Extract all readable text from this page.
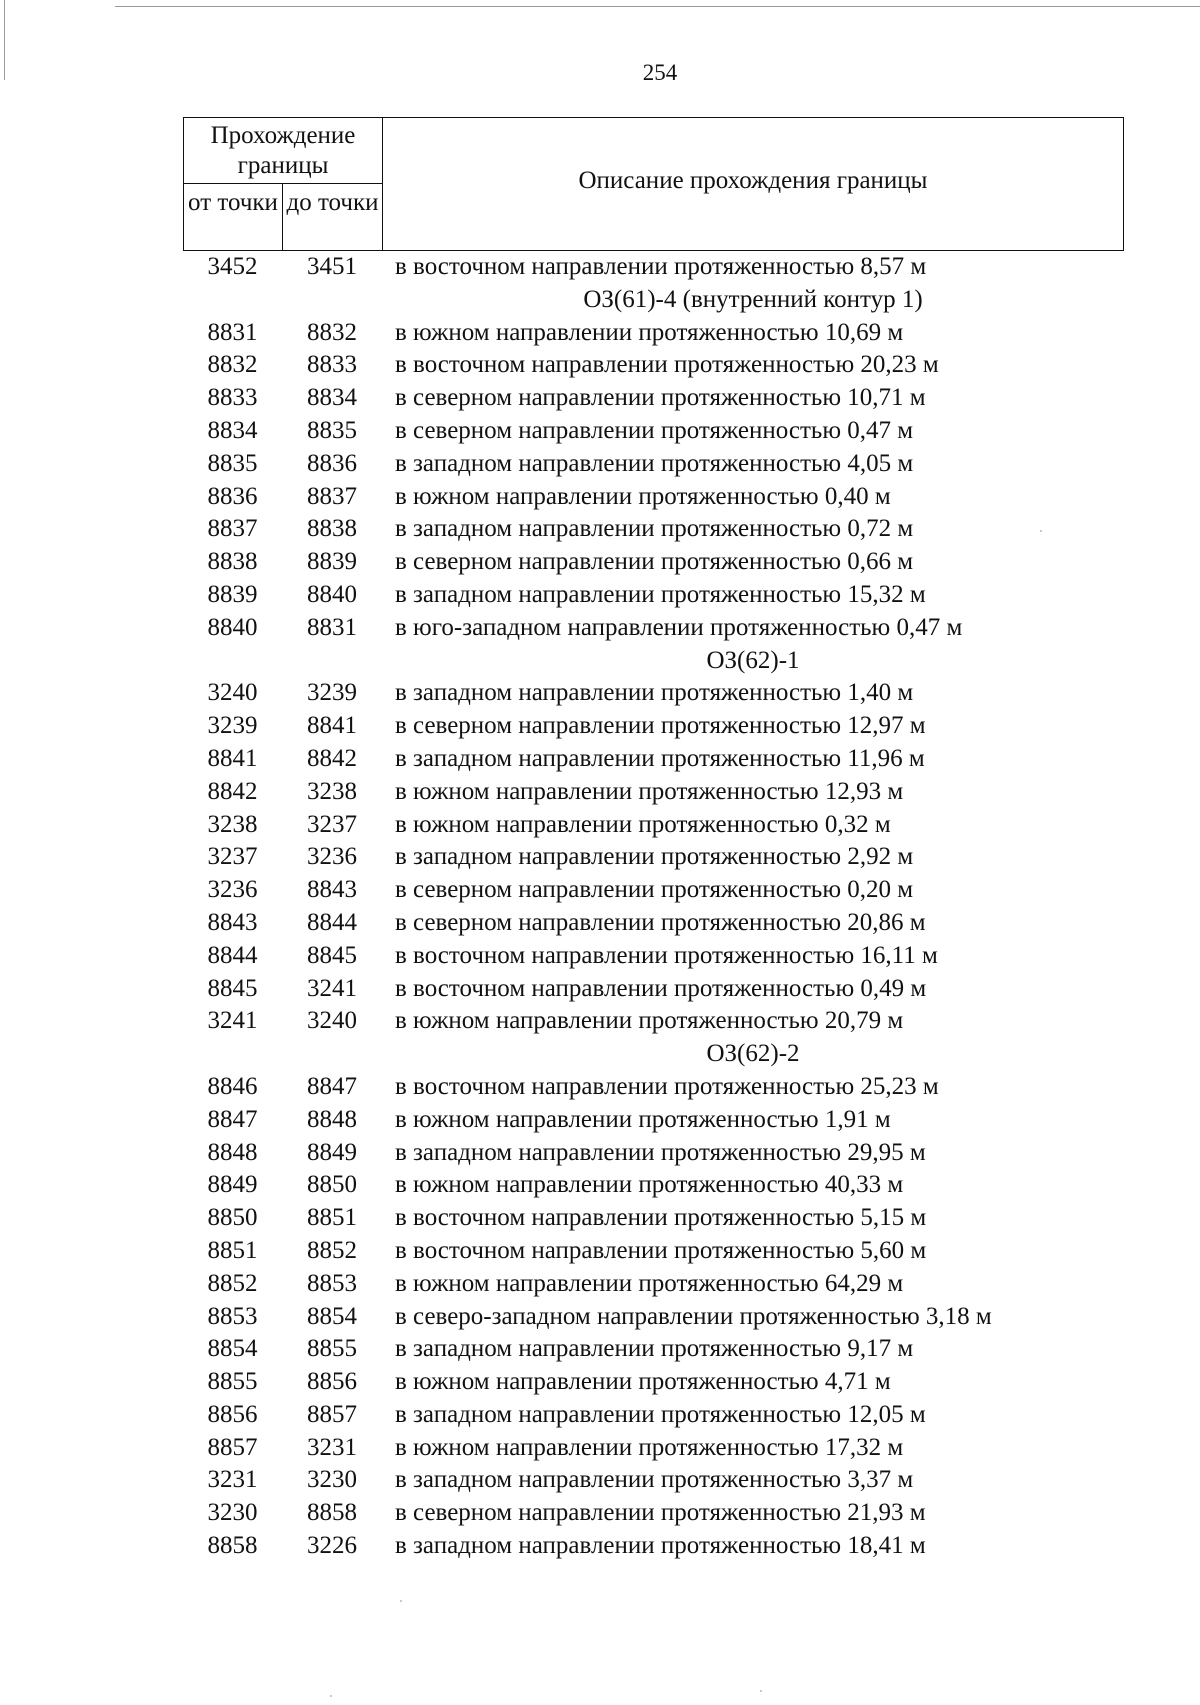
254
Прохождение границы
от точки до точки
Описание прохождения границы
3452	3451	в восточном направлении протяженностью 8,57 м
ОЗ(61)-4 (внутренний контур 1)
8831	8832	в южном направлении протяженностью 10,69 м
8832	8833	в восточном направлении протяженностью 20,23 м
8833	8834	в северном направлении протяженностью 10,71 м
8834	8835	в северном направлении протяженностью 0,47 м
8835	8836	в западном направлении протяженностью 4,05 м
8836	8837	в южном направлении протяженностью 0,40 м
8837	8838	в западном направлении протяженностью 0,72 м
8838	8839	в северном направлении протяженностью 0,66 м
8839	8840	в западном направлении протяженностью 15,32 м
8840	8831	в юго-западном направлении протяженностью 0,47 м
ОЗ(62)-1
3240	3239	в западном направлении протяженностью 1,40 м
3239	8841	в северном направлении протяженностью 12,97 м
8841	8842	в западном направлении протяженностью 11,96 м
8842	3238	в южном направлении протяженностью 12,93 м
3238	3237	в южном направлении протяженностью 0,32 м
3237	3236	в западном направлении протяженностью 2,92 м
3236	8843	в северном направлении протяженностью 0,20 м
8843	8844	в северном направлении протяженностью 20,86 м
8844	8845	в восточном направлении протяженностью 16,11 м
8845	3241	в восточном направлении протяженностью 0,49 м
3241	3240	в южном направлении протяженностью 20,79 м
ОЗ(62)-2
8846	8847	в восточном направлении протяженностью 25,23 м
8847	8848	в южном направлении протяженностью 1,91 м
8848	8849	в западном направлении протяженностью 29,95 м
8849	8850	в южном направлении протяженностью 40,33 м
8850	8851	в восточном направлении протяженностью 5,15 м
8851	8852	в восточном направлении протяженностью 5,60 м
8852	8853	в южном направлении протяженностью 64,29 м
8853	8854	в северо-западном направлении протяженностью 3,18 м
8854	8855	в западном направлении протяженностью 9,17 м
8855	8856	в южном направлении протяженностью 4,71 м
8856	8857	в западном направлении протяженностью 12,05 м
8857	3231	в южном направлении протяженностью 17,32 м
3231	3230	в западном направлении протяженностью 3,37 м
3230	8858	в северном направлении протяженностью 21,93 м
8858	3226	в западном направлении протяженностью 18,41 м
